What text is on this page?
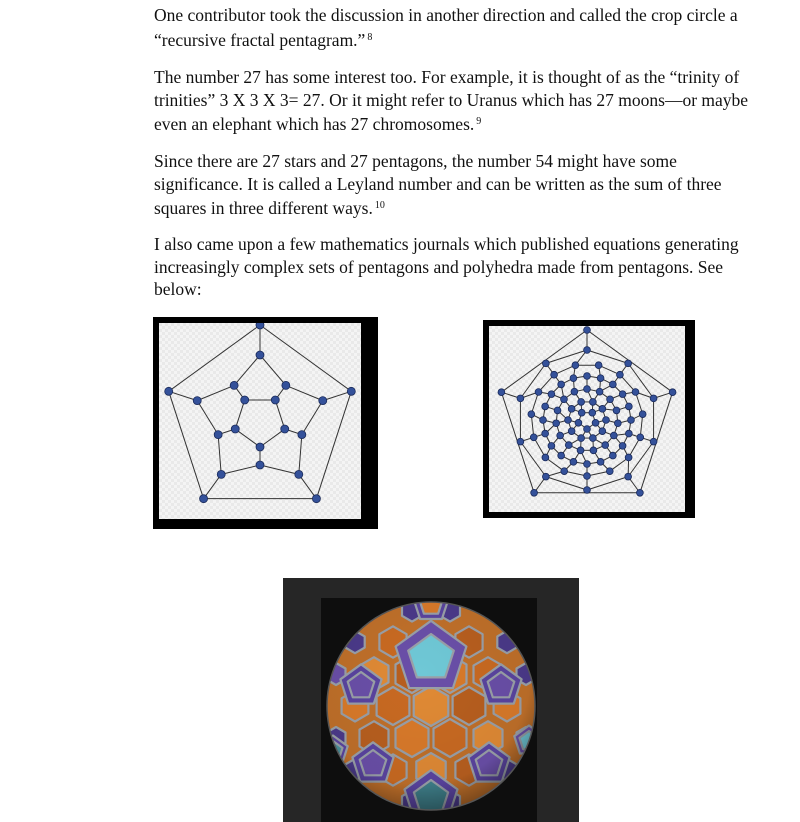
One contributor took the discussion in another direction and called the crop circle a “recursive fractal pentagram.” $^8$

The number 27 has some interest too. For example, it is thought of as the “trinity of trinities” 3 X 3 X 3= 27. Or it might refer to Uranus which has 27 moons—or maybe even an elephant which has 27 chromosomes. $^9$

Since there are 27 stars and 27 pentagons, the number 54 might have some significance. It is called a Leyland number and can be written as the sum of three squares in three different ways. $^{10}$

I also came upon a few mathematics journals which published equations generating increasingly complex sets of pentagons and polyhedra made from pentagons. See below:
